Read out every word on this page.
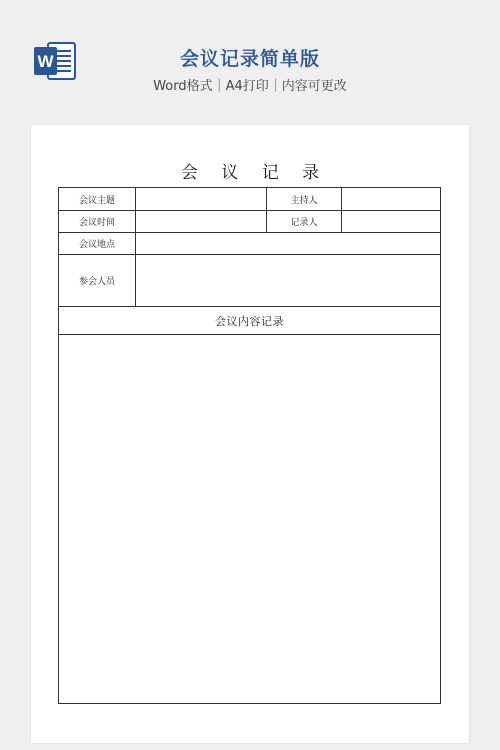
W	会议记录简单版
Word格式｜A4打印｜内容可更改
会 议 记 录
会议主题	主持人
会议时间	记录人
会议地点
参会人员
会议内容记录
